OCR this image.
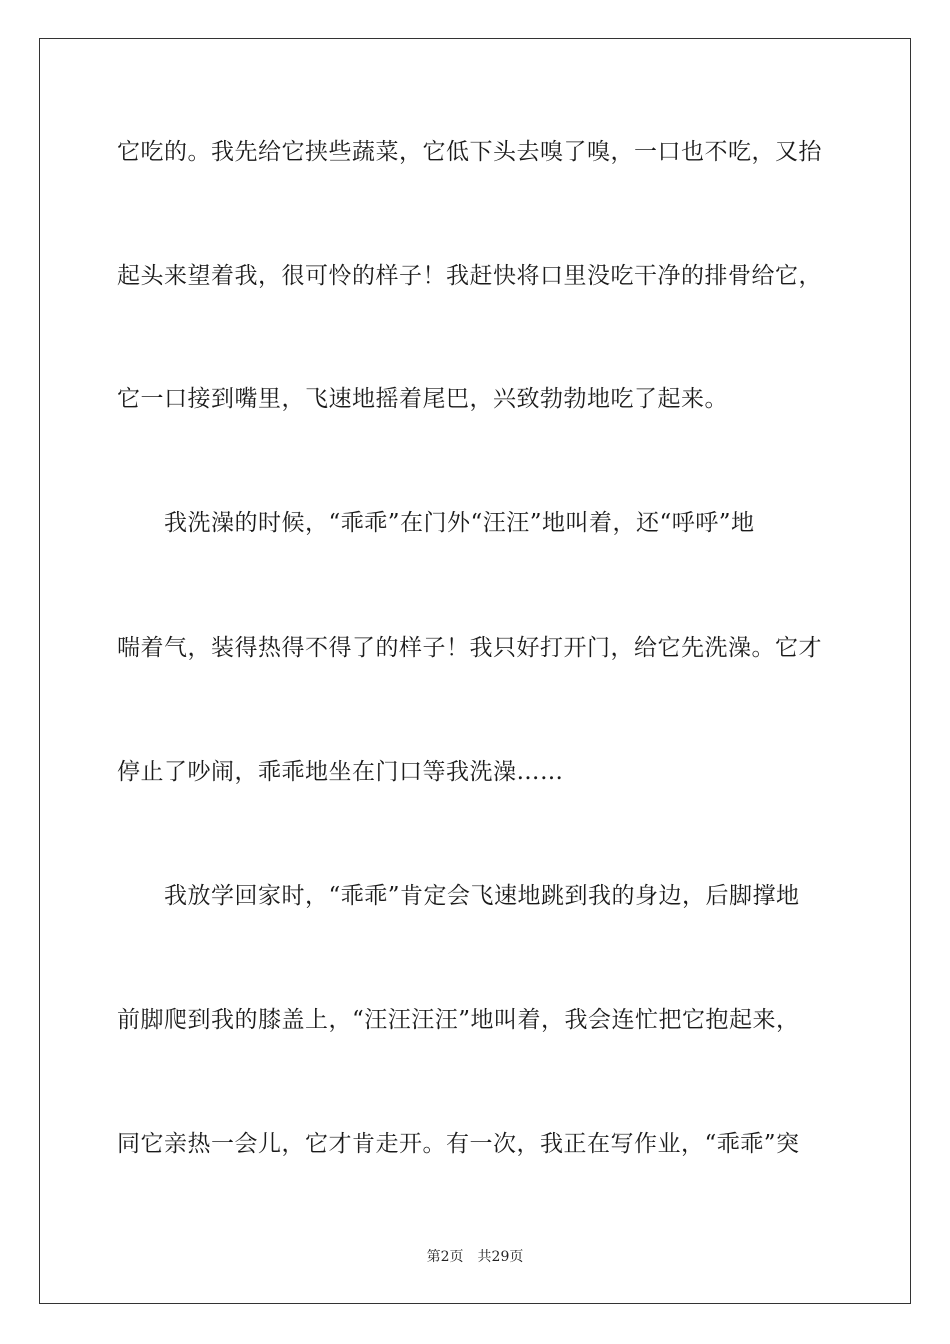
它吃的。我先给它挟些蔬菜，它低下头去嗅了嗅，一口也不吃，又抬
起头来望着我，很可怜的样子！我赶快将口里没吃干净的排骨给它，
它一口接到嘴里，飞速地摇着尾巴，兴致勃勃地吃了起来。
　　我洗澡的时候，“乖乖”在门外“汪汪”地叫着，还“呼呼”地
喘着气，装得热得不得了的样子！我只好打开门，给它先洗澡。它才
停止了吵闹，乖乖地坐在门口等我洗澡……
　　我放学回家时，“乖乖”肯定会飞速地跳到我的身边，后脚撑地
前脚爬到我的膝盖上，“汪汪汪汪”地叫着，我会连忙把它抱起来，
同它亲热一会儿，它才肯走开。有一次，我正在写作业，“乖乖”突
第2页 共29页
